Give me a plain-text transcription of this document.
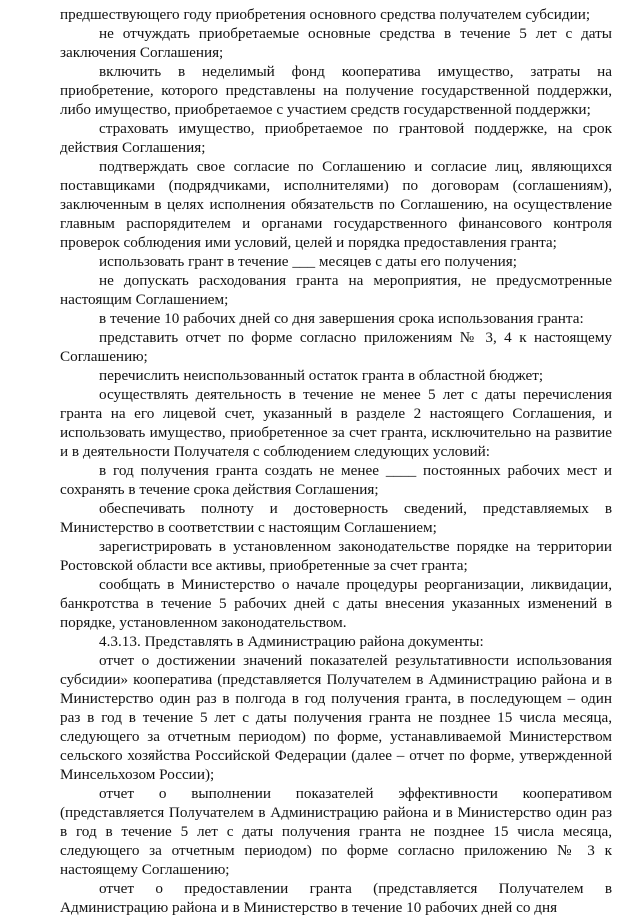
предшествующего году приобретения основного средства получателем субсидии;

не отчуждать приобретаемые основные средства в течение 5 лет с даты заключения Соглашения;

включить в неделимый фонд кооператива имущество, затраты на приобретение, которого представлены на получение государственной поддержки, либо имущество, приобретаемое с участием средств государственной поддержки;

страховать имущество, приобретаемое по грантовой поддержке, на срок действия Соглашения;

подтверждать свое согласие по Соглашению и согласие лиц, являющихся поставщиками (подрядчиками, исполнителями) по договорам (соглашениям), заключенным в целях исполнения обязательств по Соглашению, на осуществление главным распорядителем и органами государственного финансового контроля проверок соблюдения ими условий, целей и порядка предоставления гранта;

использовать грант в течение ___ месяцев с даты его получения;

не допускать расходования гранта на мероприятия, не предусмотренные настоящим Соглашением;

в течение 10 рабочих дней со дня завершения срока использования гранта:

представить отчет по форме согласно приложениям № 3, 4 к настоящему Соглашению;

перечислить неиспользованный остаток гранта в областной бюджет;

осуществлять деятельность в течение не менее 5 лет с даты перечисления гранта на его лицевой счет, указанный в разделе 2 настоящего Соглашения, и использовать имущество, приобретенное за счет гранта, исключительно на развитие и в деятельности Получателя с соблюдением следующих условий:

в год получения гранта создать не менее ____ постоянных рабочих мест и сохранять в течение срока действия Соглашения;

обеспечивать полноту и достоверность сведений, представляемых в Министерство в соответствии с настоящим Соглашением;

зарегистрировать в установленном законодательстве порядке на территории Ростовской области все активы, приобретенные за счет гранта;

сообщать в Министерство о начале процедуры реорганизации, ликвидации, банкротства в течение 5 рабочих дней с даты внесения указанных изменений в порядке, установленном законодательством.

4.3.13. Представлять в Администрацию района документы:

отчет о достижении значений показателей результативности использования субсидии» кооператива (представляется Получателем в Администрацию района и в Министерство один раз в полгода в год получения гранта, в последующем – один раз в год в течение 5 лет с даты получения гранта не позднее 15 числа месяца, следующего за отчетным периодом) по форме, устанавливаемой Министерством сельского хозяйства Российской Федерации (далее – отчет по форме, утвержденной Минсельхозом России);

отчет о выполнении показателей эффективности кооперативом (представляется Получателем в Администрацию района и в Министерство один раз в год в течение 5 лет с даты получения гранта не позднее 15 числа месяца, следующего за отчетным периодом) по форме согласно приложению № 3 к настоящему Соглашению;

отчет о предоставлении гранта (представляется Получателем в Администрацию района и в Министерство в течение 10 рабочих дней со дня
